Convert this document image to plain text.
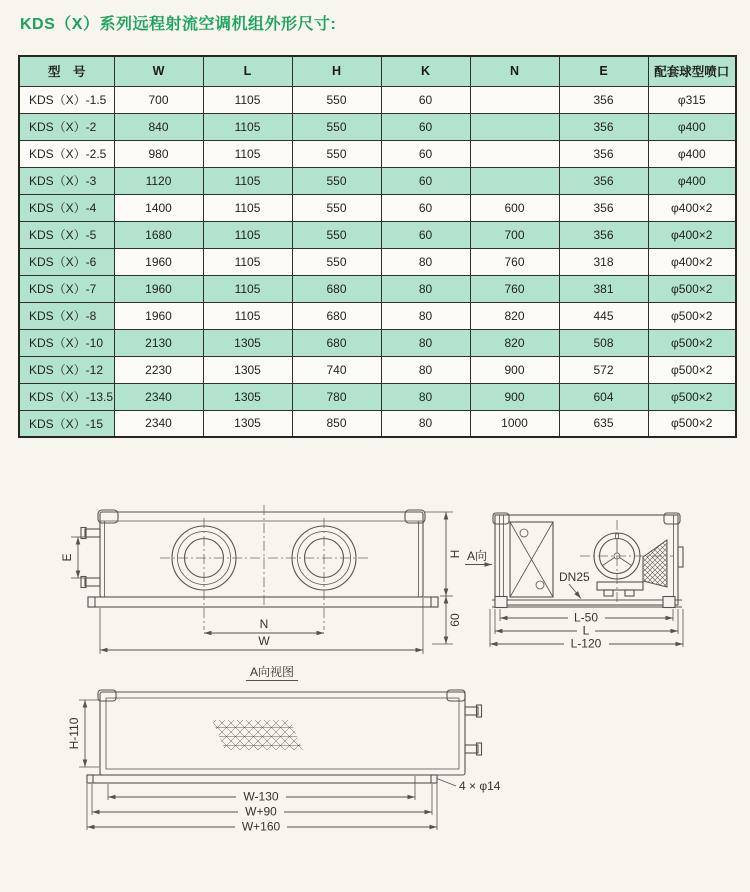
KDS（X）系列远程射流空调机组外形尺寸:
型　号	W	L	H	K	N	E	配套球型喷口
KDS（X）-1.5	700	1105	550	60		356	φ315
KDS（X）-2	840	1105	550	60		356	φ400
KDS（X）-2.5	980	1105	550	60		356	φ400
KDS（X）-3	1120	1105	550	60		356	φ400
KDS（X）-4	1400	1105	550	60	600	356	φ400×2
KDS（X）-5	1680	1105	550	60	700	356	φ400×2
KDS（X）-6	1960	1105	550	80	760	318	φ400×2
KDS（X）-7	1960	1105	680	80	760	381	φ500×2
KDS（X）-8	1960	1105	680	80	820	445	φ500×2
KDS（X）-10	2130	1305	680	80	820	508	φ500×2
KDS（X）-12	2230	1305	740	80	900	572	φ500×2
KDS（X）-13.5	2340	1305	780	80	900	604	φ500×2
KDS（X）-15	2340	1305	850	80	1000	635	φ500×2
E	H
60
N
W
A向
DN25
L-50
L
L-120
A向视图
4 × φ14
H-110
W-130
W+90
W+160
